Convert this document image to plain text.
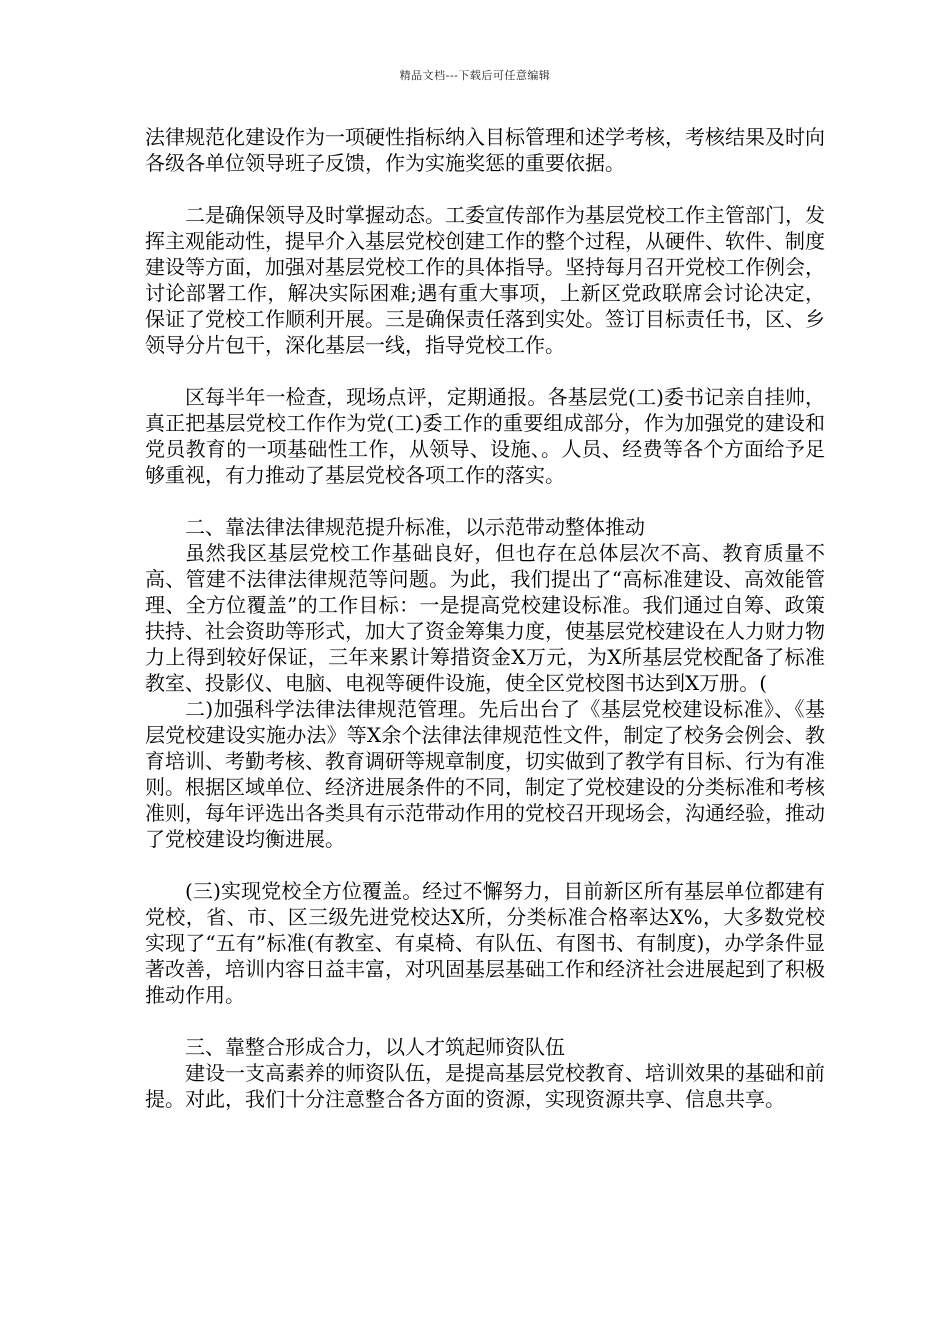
精品文档---下载后可任意编辑

法律规范化建设作为一项硬性指标纳入目标管理和述学考核，考核结果及时向各级各单位领导班子反馈，作为实施奖惩的重要依据。

二是确保领导及时掌握动态。工委宣传部作为基层党校工作主管部门，发挥主观能动性，提早介入基层党校创建工作的整个过程，从硬件、软件、制度建设等方面，加强对基层党校工作的具体指导。坚持每月召开党校工作例会，讨论部署工作，解决实际困难;遇有重大事项，上新区党政联席会讨论决定，保证了党校工作顺利开展。三是确保责任落到实处。签订目标责任书，区、乡领导分片包干，深化基层一线，指导党校工作。

区每半年一检查，现场点评，定期通报。各基层党(工)委书记亲自挂帅，真正把基层党校工作作为党(工)委工作的重要组成部分，作为加强党的建设和党员教育的一项基础性工作，从领导、设施、。人员、经费等各个方面给予足够重视，有力推动了基层党校各项工作的落实。

二、靠法律法律规范提升标准，以示范带动整体推动

虽然我区基层党校工作基础良好，但也存在总体层次不高、教育质量不高、管建不法律法律规范等问题。为此，我们提出了“高标准建设、高效能管理、全方位覆盖”的工作目标：一是提高党校建设标准。我们通过自筹、政策扶持、社会资助等形式，加大了资金筹集力度，使基层党校建设在人力财力物力上得到较好保证，三年来累计筹措资金X万元，为X所基层党校配备了标准教室、投影仪、电脑、电视等硬件设施，使全区党校图书达到X万册。(

二)加强科学法律法律规范管理。先后出台了《基层党校建设标准》、《基层党校建设实施办法》等X余个法律法律规范性文件，制定了校务会例会、教育培训、考勤考核、教育调研等规章制度，切实做到了教学有目标、行为有准则。根据区域单位、经济进展条件的不同，制定了党校建设的分类标准和考核准则，每年评选出各类具有示范带动作用的党校召开现场会，沟通经验，推动了党校建设均衡进展。

(三)实现党校全方位覆盖。经过不懈努力，目前新区所有基层单位都建有党校，省、市、区三级先进党校达X所，分类标准合格率达X%，大多数党校实现了“五有”标准(有教室、有桌椅、有队伍、有图书、有制度)，办学条件显著改善，培训内容日益丰富，对巩固基层基础工作和经济社会进展起到了积极推动作用。

三、靠整合形成合力，以人才筑起师资队伍

建设一支高素养的师资队伍，是提高基层党校教育、培训效果的基础和前提。对此，我们十分注意整合各方面的资源，实现资源共享、信息共享。
